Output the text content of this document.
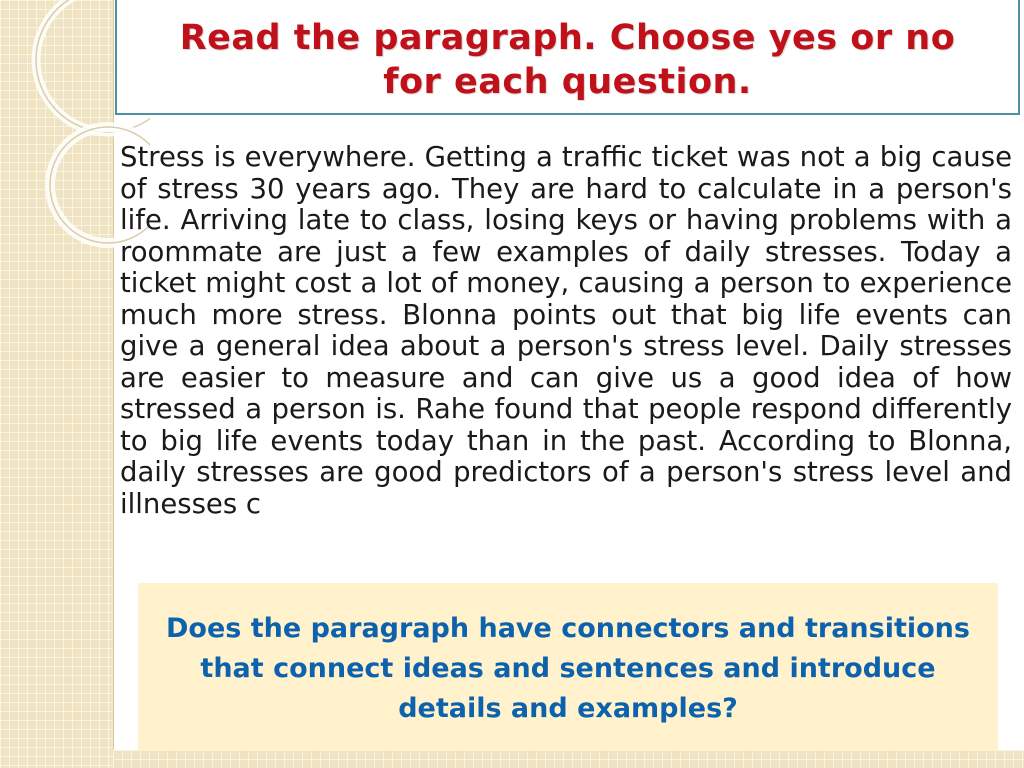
Read the paragraph. Choose yes or no for each question.

Stress is everywhere. Getting a traffic ticket was not a big cause of stress 30 years ago. They are hard to calculate in a person's life. Arriving late to class, losing keys or having problems with a roommate are just a few examples of daily stresses. Today a ticket might cost a lot of money, causing a person to experience much more stress. Blonna points out that big life events can give a general idea about a person's stress level. Daily stresses are easier to measure and can give us a good idea of how stressed a person is. Rahe found that people respond differently to big life events today than in the past. According to Blonna, daily stresses are good predictors of a person's stress level and illnesses c

Does the paragraph have connectors and transitions that connect ideas and sentences and introduce details and examples?
